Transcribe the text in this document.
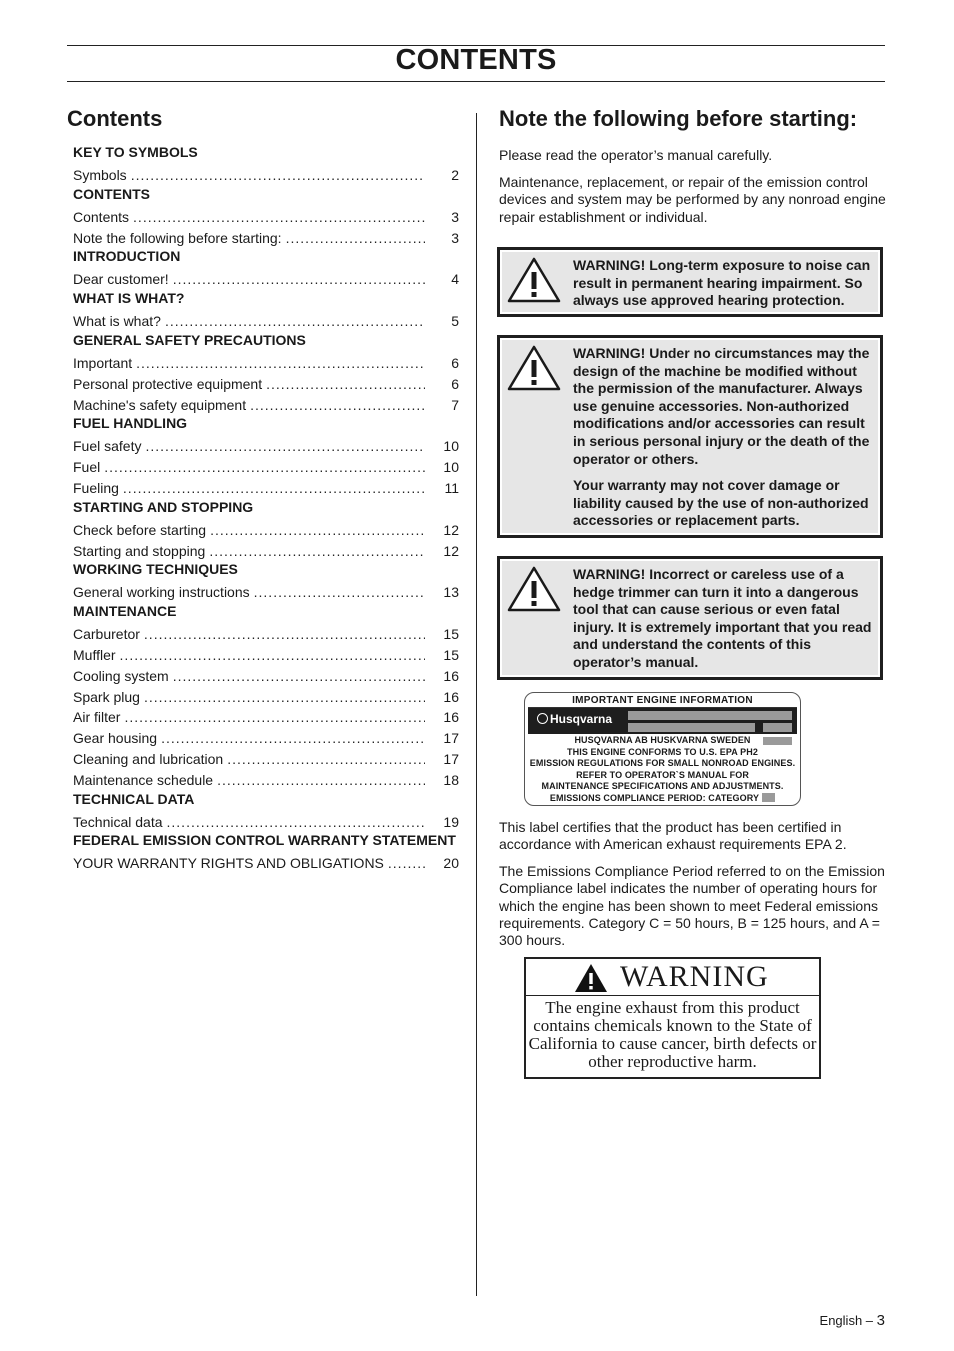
CONTENTS
Contents
KEY TO SYMBOLS
Symbols .....	2
CONTENTS
Contents .....	3
Note the following before starting: .....	3
INTRODUCTION
Dear customer! .....	4
WHAT IS WHAT?
What is what? .....	5
GENERAL SAFETY PRECAUTIONS
Important .....	6
Personal protective equipment .....	6
Machine's safety equipment .....	7
FUEL HANDLING
Fuel safety .....	10
Fuel .....	10
Fueling .....	11
STARTING AND STOPPING
Check before starting .....	12
Starting and stopping .....	12
WORKING TECHNIQUES
General working instructions .....	13
MAINTENANCE
Carburetor .....	15
Muffler .....	15
Cooling system .....	16
Spark plug .....	16
Air filter .....	16
Gear housing .....	17
Cleaning and lubrication .....	17
Maintenance schedule .....	18
TECHNICAL DATA
Technical data .....	19
FEDERAL EMISSION CONTROL WARRANTY STATEMENT
YOUR WARRANTY RIGHTS AND OBLIGATIONS .....	20
Note the following before starting:

Please read the operator’s manual carefully.

Maintenance, replacement, or repair of the emission control devices and system may be performed by any nonroad engine repair establishment or individual.

WARNING! Long-term exposure to noise can result in permanent hearing impairment. So always use approved hearing protection.

WARNING! Under no circumstances may the design of the machine be modified without the permission of the manufacturer. Always use genuine accessories. Non-authorized modifications and/or accessories can result in serious personal injury or the death of the operator or others.

Your warranty may not cover damage or liability caused by the use of non-authorized accessories or replacement parts.

WARNING! Incorrect or careless use of a hedge trimmer can turn it into a dangerous tool that can cause serious or even fatal injury. It is extremely important that you read and understand the contents of this operator’s manual.

IMPORTANT ENGINE INFORMATION
Husqvarna
HUSQVARNA AB HUSKVARNA SWEDEN
THIS ENGINE CONFORMS TO U.S. EPA PH2
EMISSION REGULATIONS FOR SMALL NONROAD ENGINES.
REFER TO OPERATOR`S MANUAL FOR
MAINTENANCE SPECIFICATIONS AND ADJUSTMENTS.
EMISSIONS COMPLIANCE PERIOD: CATEGORY

This label certifies that the product has been certified in accordance with American exhaust requirements EPA 2.

The Emissions Compliance Period referred to on the Emission Compliance label indicates the number of operating hours for which the engine has been shown to meet Federal emissions requirements. Category C = 50 hours, B = 125 hours, and A = 300 hours.

WARNING
The engine exhaust from this product contains chemicals known to the State of California to cause cancer, birth defects or other reproductive harm.
English – 3
